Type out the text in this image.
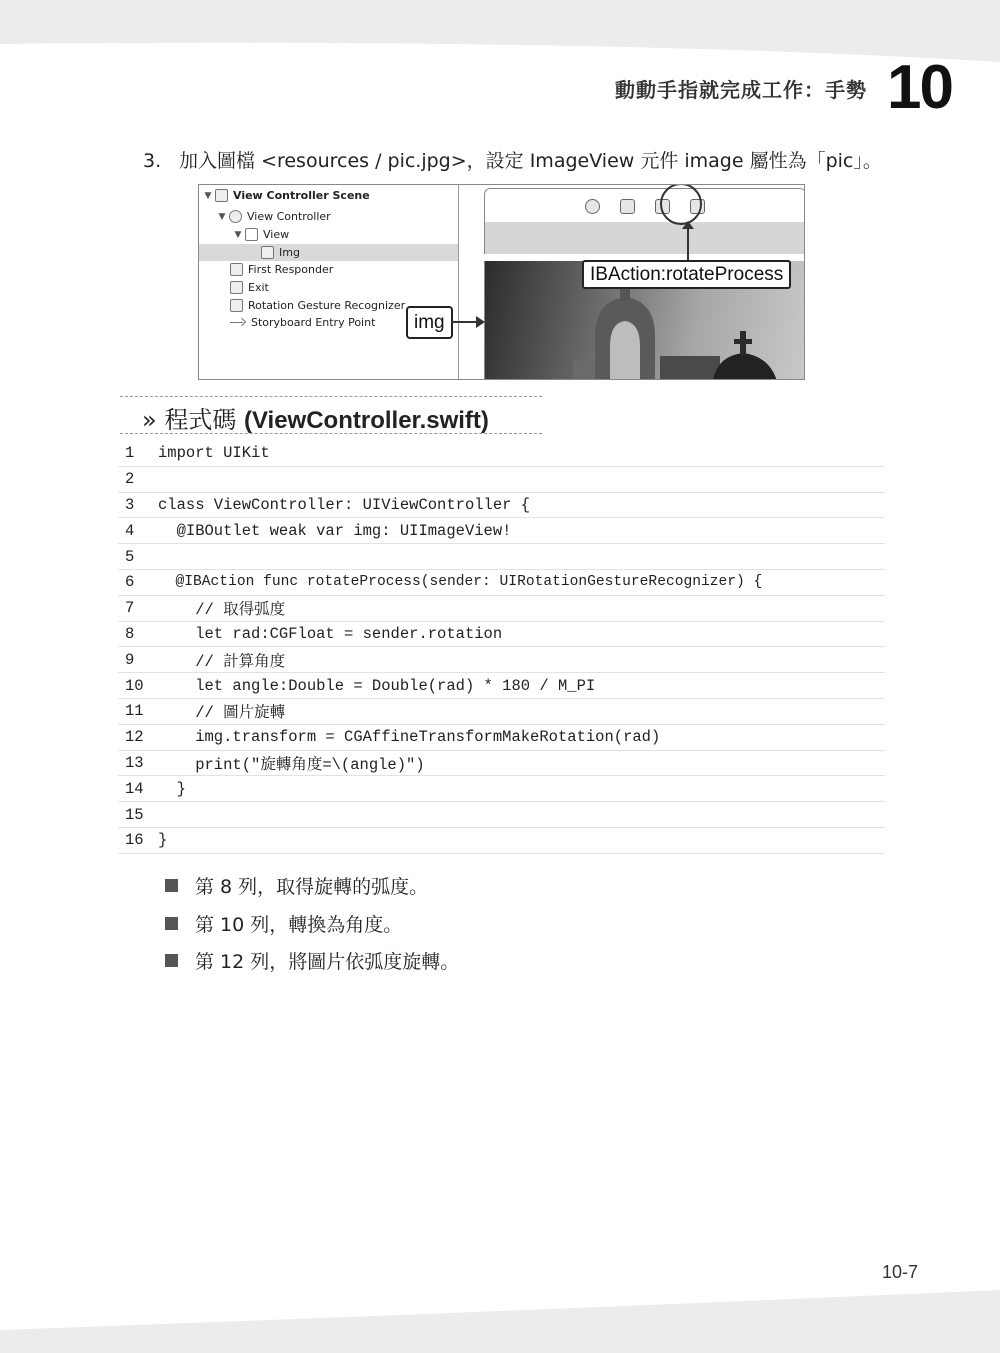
動動手指就完成工作：手勢 10
3. 加入圖檔 <resources / pic.jpg>，設定 ImageView 元件 image 屬性為「pic」。
▼	View Controller Scene
▼	View Controller
▼	View
Img
First Responder
Exit
Rotation Gesture Recognizer
Storyboard Entry Point
IBAction:rotateProcess
img
» 程式碼 (ViewController.swift)
1	import UIKit
2
3	class ViewController: UIViewController {
4	@IBOutlet weak var img: UIImageView!
5
6	@IBAction func rotateProcess(sender: UIRotationGestureRecognizer) {
7	// 取得弧度
8	let rad:CGFloat = sender.rotation
9	// 計算角度
10 let angle:Double = Double(rad) * 180 / M_PI
11 // 圖片旋轉
12 img.transform = CGAffineTransformMakeRotation(rad)
13 print("旋轉角度=\(angle)")
14 }
15
16 }
第 8 列，取得旋轉的弧度。
第 10 列，轉換為角度。
第 12 列，將圖片依弧度旋轉。
10-7
